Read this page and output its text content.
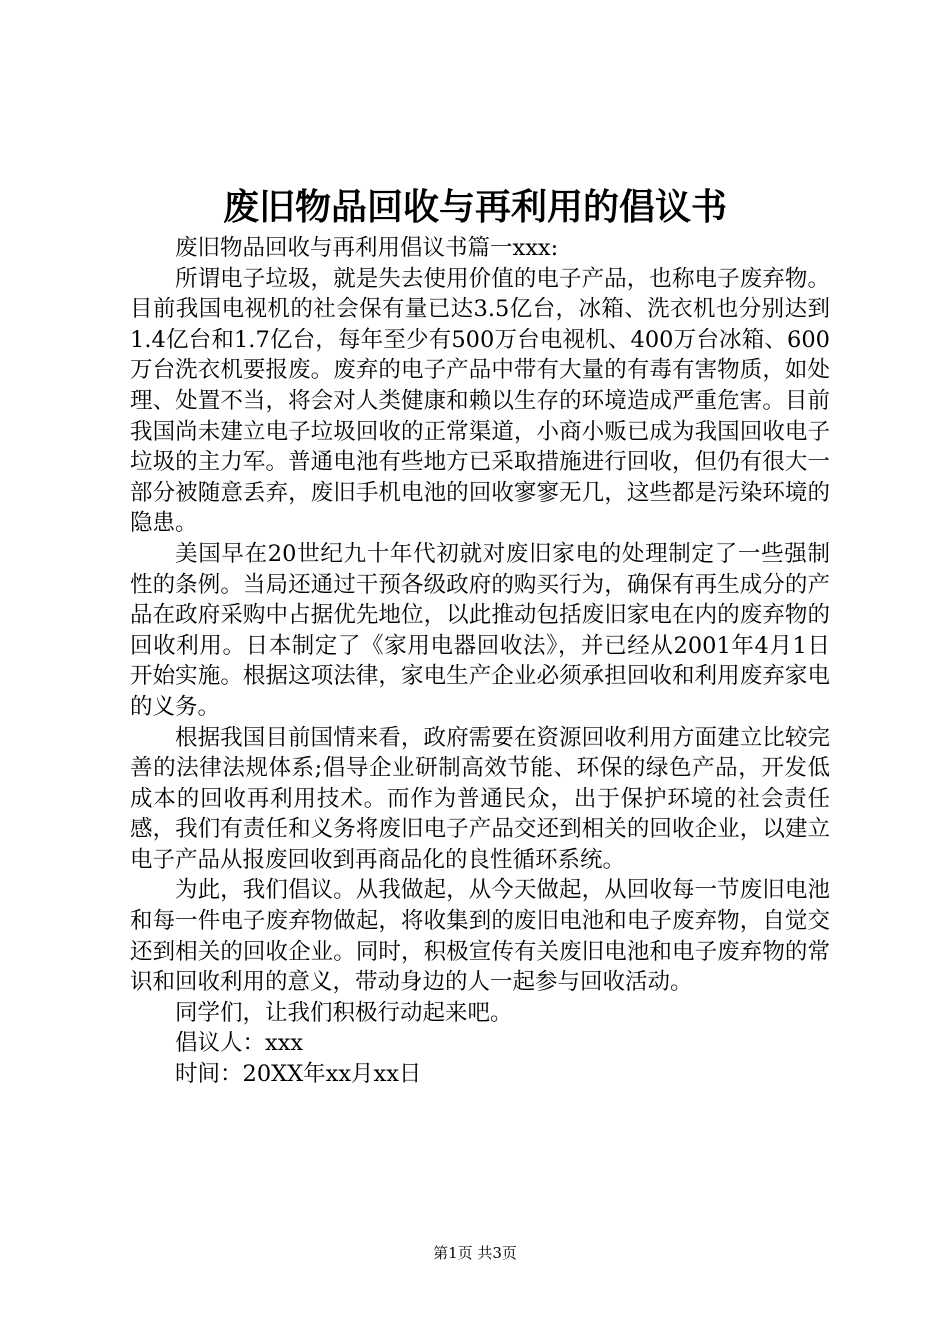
废旧物品回收与再利用的倡议书

废旧物品回收与再利用倡议书篇一xxx:

所谓电子垃圾，就是失去使用价值的电子产品，也称电子废弃物。目前我国电视机的社会保有量已达3.5亿台，冰箱、洗衣机也分别达到1.4亿台和1.7亿台，每年至少有500万台电视机、400万台冰箱、600万台洗衣机要报废。废弃的电子产品中带有大量的有毒有害物质，如处理、处置不当，将会对人类健康和赖以生存的环境造成严重危害。目前我国尚未建立电子垃圾回收的正常渠道，小商小贩已成为我国回收电子垃圾的主力军。普通电池有些地方已采取措施进行回收，但仍有很大一部分被随意丢弃，废旧手机电池的回收寥寥无几，这些都是污染环境的隐患。

美国早在20世纪九十年代初就对废旧家电的处理制定了一些强制性的条例。当局还通过干预各级政府的购买行为，确保有再生成分的产品在政府采购中占据优先地位，以此推动包括废旧家电在内的废弃物的回收利用。日本制定了《家用电器回收法》，并已经从2001年4月1日开始实施。根据这项法律，家电生产企业必须承担回收和利用废弃家电的义务。

根据我国目前国情来看，政府需要在资源回收利用方面建立比较完善的法律法规体系;倡导企业研制高效节能、环保的绿色产品，开发低成本的回收再利用技术。而作为普通民众，出于保护环境的社会责任感，我们有责任和义务将废旧电子产品交还到相关的回收企业，以建立电子产品从报废回收到再商品化的良性循环系统。

为此，我们倡议。从我做起，从今天做起，从回收每一节废旧电池和每一件电子废弃物做起，将收集到的废旧电池和电子废弃物，自觉交还到相关的回收企业。同时，积极宣传有关废旧电池和电子废弃物的常识和回收利用的意义，带动身边的人一起参与回收活动。

同学们，让我们积极行动起来吧。

倡议人：xxx

时间：20XX年xx月xx日

第1页 共3页
